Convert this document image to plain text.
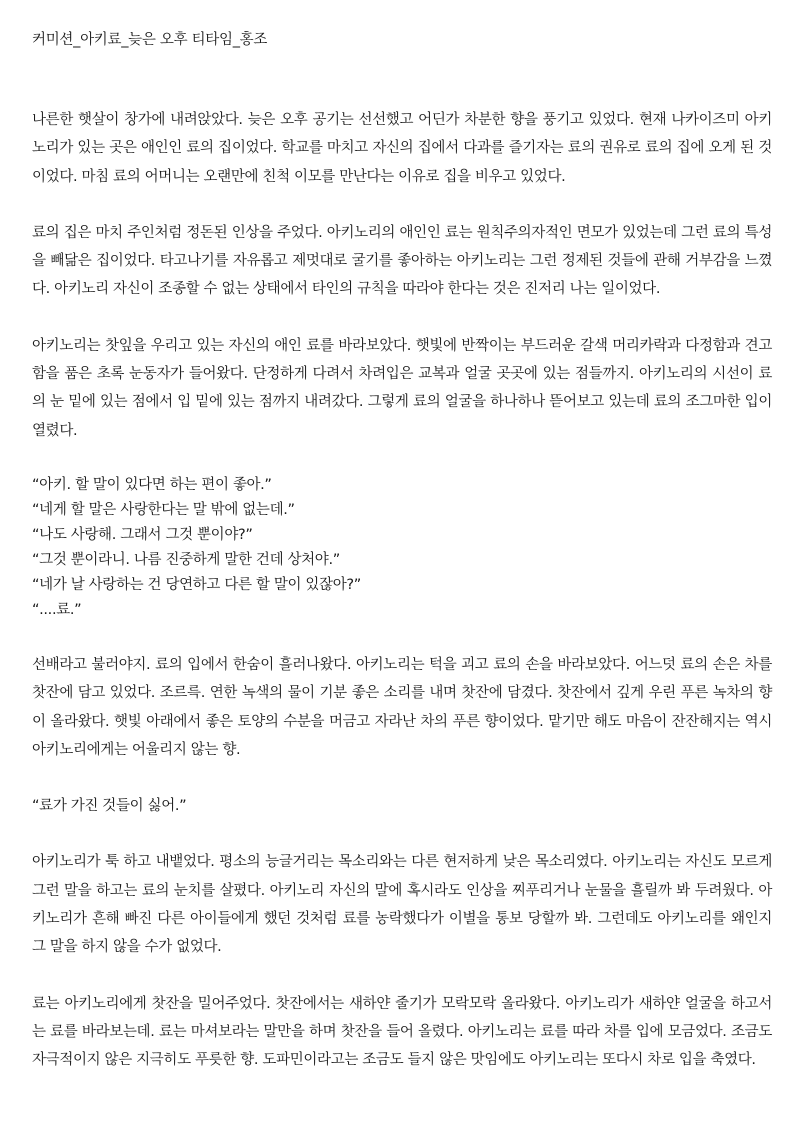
커미션_아키료_늦은 오후 티타임_홍조

나른한 햇살이 창가에 내려앉았다. 늦은 오후 공기는 선선했고 어딘가 차분한 향을 풍기고 있었다. 현재 나카이즈미 아키노리가 있는 곳은 애인인 료의 집이었다. 학교를 마치고 자신의 집에서 다과를 즐기자는 료의 권유로 료의 집에 오게 된 것이었다. 마침 료의 어머니는 오랜만에 친척 이모를 만난다는 이유로 집을 비우고 있었다.

료의 집은 마치 주인처럼 정돈된 인상을 주었다. 아키노리의 애인인 료는 원칙주의자적인 면모가 있었는데 그런 료의 특성을 빼닮은 집이었다. 타고나기를 자유롭고 제멋대로 굴기를 좋아하는 아키노리는 그런 정제된 것들에 관해 거부감을 느꼈다. 아키노리 자신이 조종할 수 없는 상태에서 타인의 규칙을 따라야 한다는 것은 진저리 나는 일이었다.

아키노리는 찻잎을 우리고 있는 자신의 애인 료를 바라보았다. 햇빛에 반짝이는 부드러운 갈색 머리카락과 다정함과 견고함을 품은 초록 눈동자가 들어왔다. 단정하게 다려서 차려입은 교복과 얼굴 곳곳에 있는 점들까지. 아키노리의 시선이 료의 눈 밑에 있는 점에서 입 밑에 있는 점까지 내려갔다. 그렇게 료의 얼굴을 하나하나 뜯어보고 있는데 료의 조그마한 입이 열렸다.

“아키. 할 말이 있다면 하는 편이 좋아.”
“네게 할 말은 사랑한다는 말 밖에 없는데.”
“나도 사랑해. 그래서 그것 뿐이야?”
“그것 뿐이라니. 나름 진중하게 말한 건데 상처야.”
“네가 날 사랑하는 건 당연하고 다른 할 말이 있잖아?”
“....료.”

선배라고 불러야지. 료의 입에서 한숨이 흘러나왔다. 아키노리는 턱을 괴고 료의 손을 바라보았다. 어느덧 료의 손은 차를 찻잔에 담고 있었다. 조르륵. 연한 녹색의 물이 기분 좋은 소리를 내며 찻잔에 담겼다. 찻잔에서 깊게 우린 푸른 녹차의 향이 올라왔다. 햇빛 아래에서 좋은 토양의 수분을 머금고 자라난 차의 푸른 향이었다. 맡기만 해도 마음이 잔잔해지는 역시 아키노리에게는 어울리지 않는 향.

“료가 가진 것들이 싫어.”

아키노리가 툭 하고 내뱉었다. 평소의 능글거리는 목소리와는 다른 현저하게 낮은 목소리였다. 아키노리는 자신도 모르게 그런 말을 하고는 료의 눈치를 살폈다. 아키노리 자신의 말에 혹시라도 인상을 찌푸리거나 눈물을 흘릴까 봐 두려웠다. 아키노리가 흔해 빠진 다른 아이들에게 했던 것처럼 료를 농락했다가 이별을 통보 당할까 봐. 그런데도 아키노리를 왜인지 그 말을 하지 않을 수가 없었다.

료는 아키노리에게 찻잔을 밀어주었다. 찻잔에서는 새하얀 줄기가 모락모락 올라왔다. 아키노리가 새하얀 얼굴을 하고서는 료를 바라보는데. 료는 마셔보라는 말만을 하며 찻잔을 들어 올렸다. 아키노리는 료를 따라 차를 입에 모금었다. 조금도 자극적이지 않은 지극히도 푸릇한 향. 도파민이라고는 조금도 들지 않은 맛임에도 아키노리는 또다시 차로 입을 축였다.
